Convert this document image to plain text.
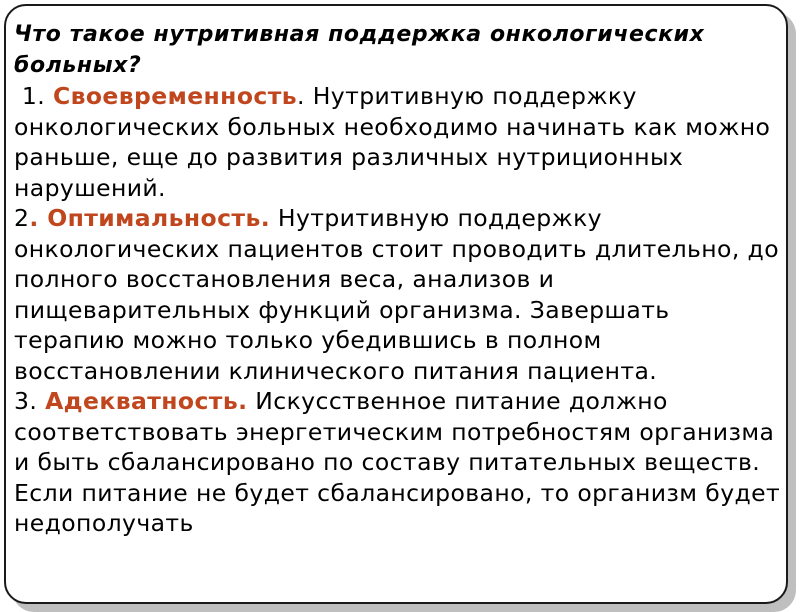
Что такое нутритивная поддержка онкологических больных?

1. Своевременность. Нутритивную поддержку онкологических больных необходимо начинать как можно раньше, еще до развития различных нутриционных нарушений.

2. Оптимальность. Нутритивную поддержку онкологических пациентов стоит проводить длительно, до полного восстановления веса, анализов и пищеварительных функций организма. Завершать терапию можно только убедившись в полном восстановлении клинического питания пациента.

3. Адекватность. Искусственное питание должно соответствовать энергетическим потребностям организма и быть сбалансировано по составу питательных веществ. Если питание не будет сбалансировано, то организм будет недополучать
